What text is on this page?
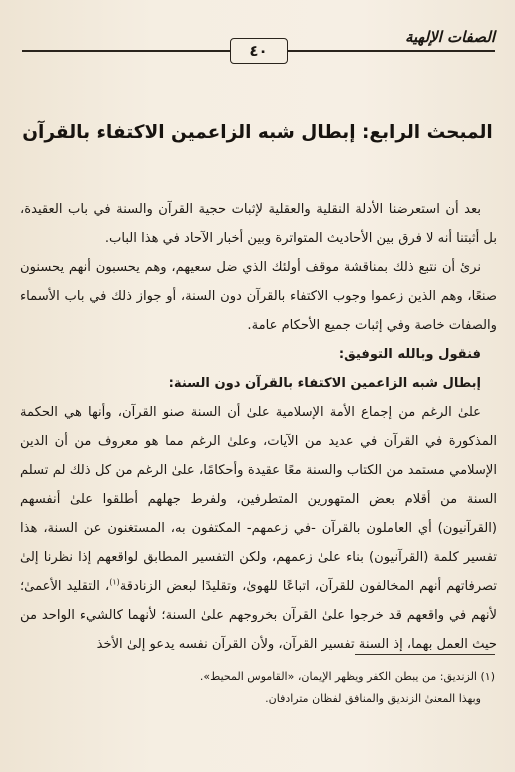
الصفات الإلهية
٤٠
المبحث الرابع: إبطال شبه الزاعمين الاكتفاء بالقرآن

بعد أن استعرضنا الأدلة النقلية والعقلية لإثبات حجية القرآن والسنة في باب العقيدة، بل أثبتنا أنه لا فرق بين الأحاديث المتواترة وبين أخبار الآحاد في هذا الباب.

نرئ أن نتبع ذلك بمناقشة موقف أولئك الذي ضل سعيهم، وهم يحسبون أنهم يحسنون صنعًا، وهم الذين زعموا وجوب الاكتفاء بالقرآن دون السنة، أو جواز ذلك في باب الأسماء والصفات خاصة وفي إثبات جميع الأحكام عامة.

فنقول وبالله التوفيق:

إبطال شبه الزاعمين الاكتفاء بالقرآن دون السنة:

علىٰ الرغم من إجماع الأمة الإسلامية علىٰ أن السنة صنو القرآن، وأنها هي الحكمة المذكورة في القرآن في عديد من الآيات، وعلىٰ الرغم مما هو معروف من أن الدين الإسلامي مستمد من الكتاب والسنة معًا عقيدة وأحكامًا، علىٰ الرغم من كل ذلك لم تسلم السنة من أقلام بعض المتهورين المتطرفين، ولفرط جهلهم أطلقوا علىٰ أنفسهم (القرآنيون) أي العاملون بالقرآن -في زعمهم- المكتفون به، المستغنون عن السنة، هذا تفسير كلمة (القرآنيون) بناء علىٰ زعمهم، ولكن التفسير المطابق لواقعهم إذا نظرنا إلىٰ تصرفاتهم أنهم المخالفون للقرآن، اتباعًا للهوىٰ، وتقليدًا لبعض الزنادقة$^{(١)}$، التقليد الأعمىٰ؛ لأنهم في واقعهم قد خرجوا علىٰ القرآن بخروجهم علىٰ السنة؛ لأنهما كالشيء الواحد من حيث العمل بهما، إذ السنة تفسير القرآن، ولأن القرآن نفسه يدعو إلىٰ الأخذ

(١) الزنديق: من يبطن الكفر ويظهر الإيمان، «القاموس المحيط».

وبهذا المعنىٰ الزنديق والمنافق لفظان مترادفان.
